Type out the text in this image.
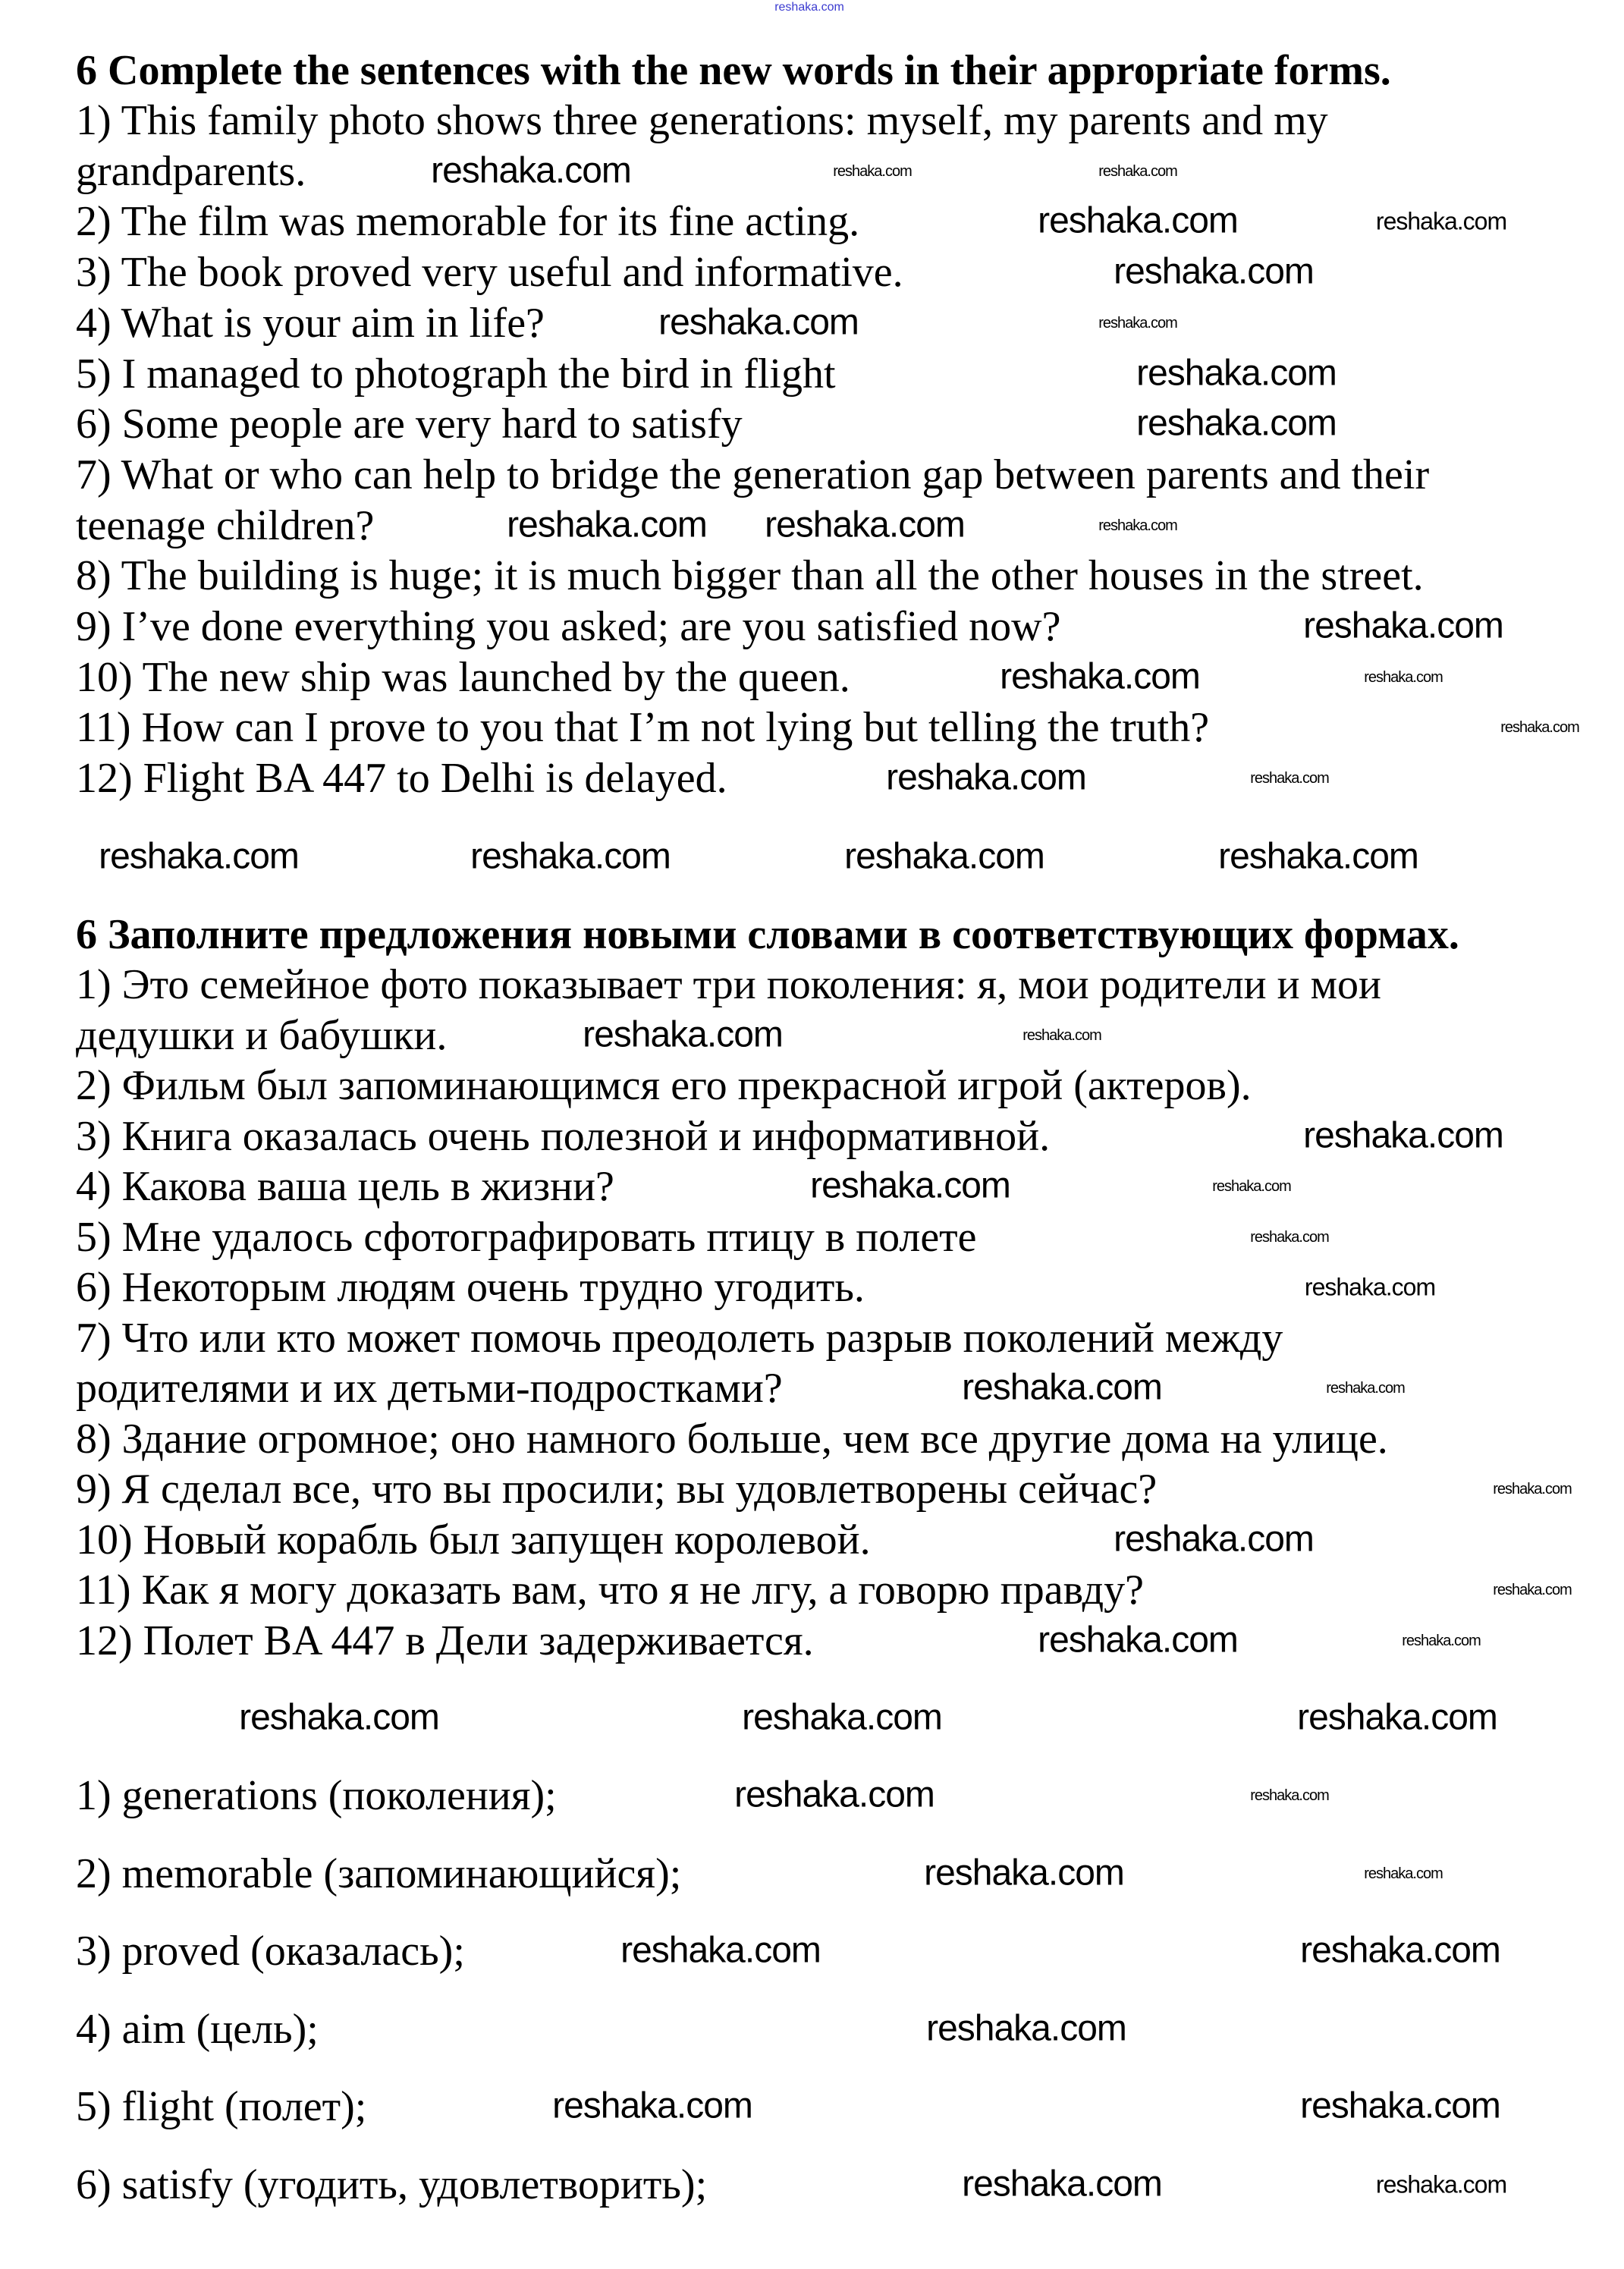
reshaka.com
6 Complete the sentences with the new words in their appropriate forms.
1) This family photo shows three generations: myself, my parents and my
grandparents.
2) The film was memorable for its fine acting.
3) The book proved very useful and informative.
4) What is your aim in life?
5) I managed to photograph the bird in flight
6) Some people are very hard to satisfy
7) What or who can help to bridge the generation gap between parents and their
teenage children?
8) The building is huge; it is much bigger than all the other houses in the street.
9) I’ve done everything you asked; are you satisfied now?
10) The new ship was launched by the queen.
11) How can I prove to you that I’m not lying but telling the truth?
12) Flight BA 447 to Delhi is delayed.
6 Заполните предложения новыми словами в соответствующих формах.
1) Это семейное фото показывает три поколения: я, мои родители и мои
дедушки и бабушки.
2) Фильм был запоминающимся его прекрасной игрой (актеров).
3) Книга оказалась очень полезной и информативной.
4) Какова ваша цель в жизни?
5) Мне удалось сфотографировать птицу в полете
6) Некоторым людям очень трудно угодить.
7) Что или кто может помочь преодолеть разрыв поколений между
родителями и их детьми-подростками?
8) Здание огромное; оно намного больше, чем все другие дома на улице.
9) Я сделал все, что вы просили; вы удовлетворены сейчас?
10) Новый корабль был запущен королевой.
11) Как я могу доказать вам, что я не лгу, а говорю правду?
12) Полет BA 447 в Дели задерживается.
1) generations (поколения);
2) memorable (запоминающийся);
3) proved (оказалась);
4) aim (цель);
5) flight (полет);
6) satisfy (угодить, удовлетворить);
reshaka.com	reshaka.com	reshaka.com
reshaka.com	reshaka.com
reshaka.com
reshaka.com	reshaka.com
reshaka.com
reshaka.com
reshaka.com reshaka.com	reshaka.com
reshaka.com
reshaka.com	reshaka.com
reshaka.com
reshaka.com	reshaka.com
reshaka.com	reshaka.com	reshaka.com	reshaka.com
reshaka.com	reshaka.com
reshaka.com
reshaka.com	reshaka.com
reshaka.com
reshaka.com
reshaka.com	reshaka.com
reshaka.com
reshaka.com
reshaka.com
reshaka.com	reshaka.com
reshaka.com	reshaka.com	reshaka.com
reshaka.com	reshaka.com
reshaka.com	reshaka.com
reshaka.com	reshaka.com
reshaka.com
reshaka.com	reshaka.com
reshaka.com	reshaka.com
